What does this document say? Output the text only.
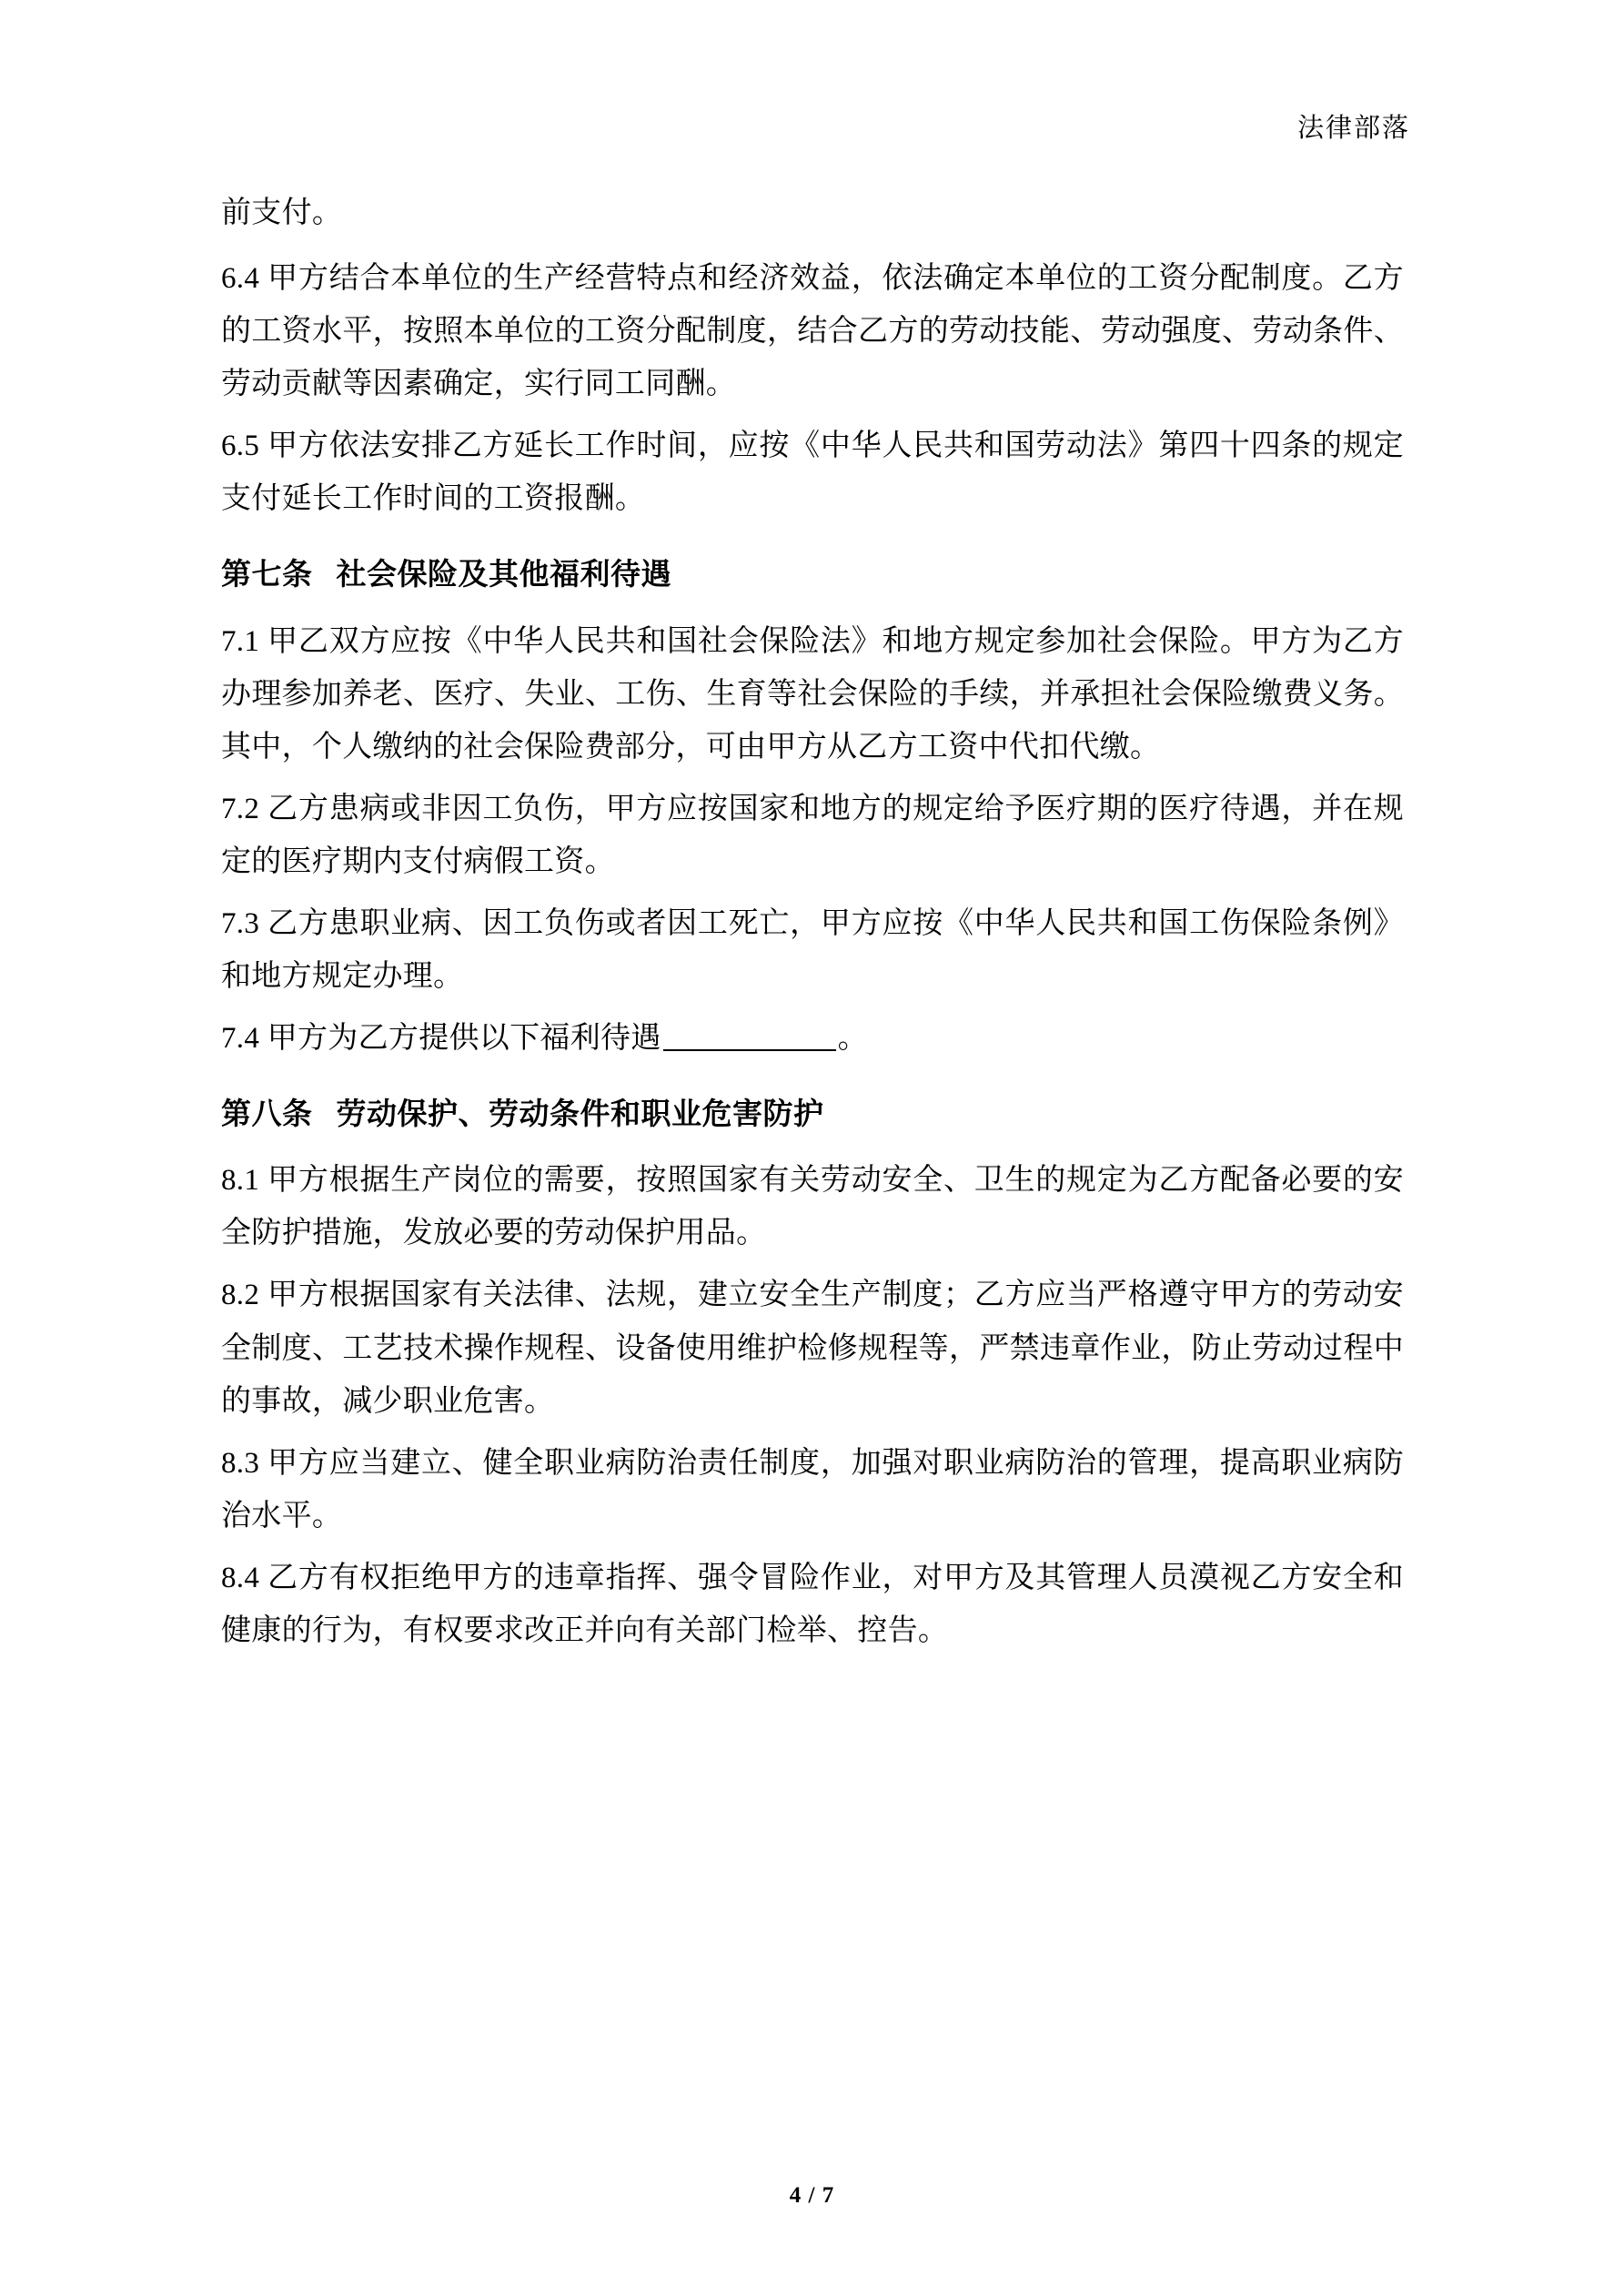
法律部落

前支付。

6.4 甲方结合本单位的生产经营特点和经济效益，依法确定本单位的工资分配制度。乙方的工资水平，按照本单位的工资分配制度，结合乙方的劳动技能、劳动强度、劳动条件、劳动贡献等因素确定，实行同工同酬。

6.5 甲方依法安排乙方延长工作时间，应按《中华人民共和国劳动法》第四十四条的规定支付延长工作时间的工资报酬。

第七条 社会保险及其他福利待遇

7.1 甲乙双方应按《中华人民共和国社会保险法》和地方规定参加社会保险。甲方为乙方办理参加养老、医疗、失业、工伤、生育等社会保险的手续，并承担社会保险缴费义务。其中，个人缴纳的社会保险费部分，可由甲方从乙方工资中代扣代缴。

7.2 乙方患病或非因工负伤，甲方应按国家和地方的规定给予医疗期的医疗待遇，并在规定的医疗期内支付病假工资。

7.3 乙方患职业病、因工负伤或者因工死亡，甲方应按《中华人民共和国工伤保险条例》和地方规定办理。

7.4 甲方为乙方提供以下福利待遇	。

第八条 劳动保护、劳动条件和职业危害防护

8.1 甲方根据生产岗位的需要，按照国家有关劳动安全、卫生的规定为乙方配备必要的安全防护措施，发放必要的劳动保护用品。

8.2 甲方根据国家有关法律、法规，建立安全生产制度；乙方应当严格遵守甲方的劳动安全制度、工艺技术操作规程、设备使用维护检修规程等，严禁违章作业，防止劳动过程中的事故，减少职业危害。

8.3 甲方应当建立、健全职业病防治责任制度，加强对职业病防治的管理，提高职业病防治水平。

8.4 乙方有权拒绝甲方的违章指挥、强令冒险作业，对甲方及其管理人员漠视乙方安全和健康的行为，有权要求改正并向有关部门检举、控告。

4 / 7
